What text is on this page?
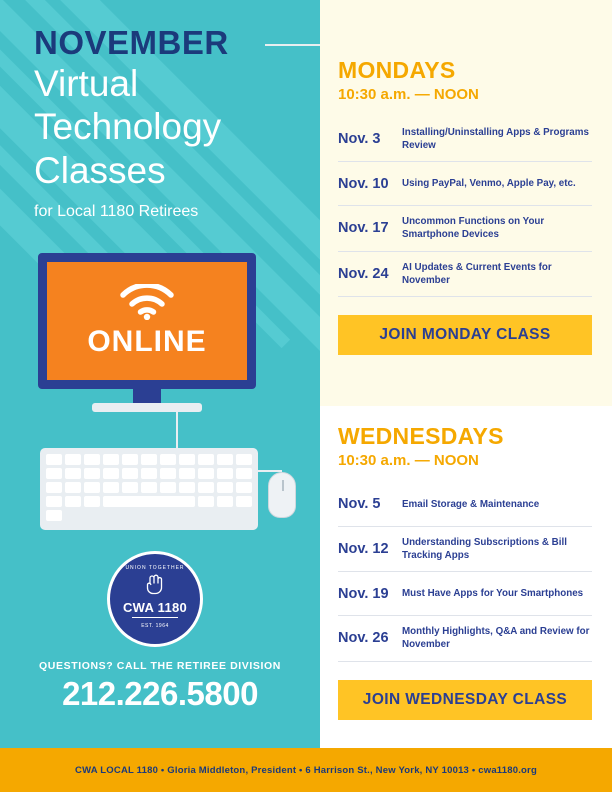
NOVEMBER
Virtual
Technology
Classes
for Local 1180 Retirees
ONLINE
UNION TOGETHER
CWA 1180
EST. 1964
QUESTIONS? CALL THE RETIREE DIVISION
212.226.5800
MONDAYS
10:30 a.m. — NOON
Nov. 3	Installing/Uninstalling Apps & Programs Review
Nov. 10	Using PayPal, Venmo, Apple Pay, etc.
Nov. 17	Uncommon Functions on Your Smartphone Devices
Nov. 24	AI Updates & Current Events for November
JOIN MONDAY CLASS
WEDNESDAYS
10:30 a.m. — NOON
Nov. 5	Email Storage & Maintenance
Nov. 12	Understanding Subscriptions & Bill Tracking Apps
Nov. 19	Must Have Apps for Your Smartphones
Nov. 26	Monthly Highlights, Q&A and Review for November
JOIN WEDNESDAY CLASS
CWA LOCAL 1180 • Gloria Middleton, President • 6 Harrison St., New York, NY 10013 • cwa1180.org
